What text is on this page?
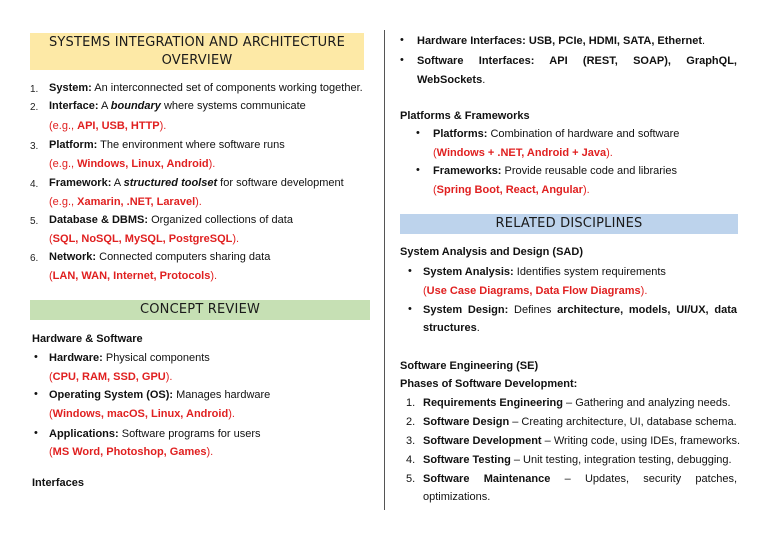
SYSTEMS INTEGRATION AND ARCHITECTURE OVERVIEW
1. System: An interconnected set of components working together.
2. Interface: A boundary where systems communicate
(e.g., API, USB, HTTP).
3. Platform: The environment where software runs
(e.g., Windows, Linux, Android).
4. Framework: A structured toolset for software development
(e.g., Xamarin, .NET, Laravel).
5. Database & DBMS: Organized collections of data
(SQL, NoSQL, MySQL, PostgreSQL).
6. Network: Connected computers sharing data
(LAN, WAN, Internet, Protocols).
CONCEPT REVIEW
Hardware & Software
• Hardware: Physical components
(CPU, RAM, SSD, GPU).
• Operating System (OS): Manages hardware
(Windows, macOS, Linux, Android).
• Applications: Software programs for users
(MS Word, Photoshop, Games).
Interfaces
• Hardware Interfaces: USB, PCIe, HDMI, SATA, Ethernet.
• Software Interfaces: API (REST, SOAP), GraphQL,
WebSockets.
Platforms & Frameworks
• Platforms: Combination of hardware and software
(Windows + .NET, Android + Java).
• Frameworks: Provide reusable code and libraries
(Spring Boot, React, Angular).
RELATED DISCIPLINES
System Analysis and Design (SAD)
• System Analysis: Identifies system requirements
(Use Case Diagrams, Data Flow Diagrams).
• System Design: Defines architecture, models, UI/UX, data
structures.
Software Engineering (SE)
Phases of Software Development:
1. Requirements Engineering – Gathering and analyzing needs.
2. Software Design – Creating architecture, UI, database schema.
3. Software Development – Writing code, using IDEs, frameworks.
4. Software Testing – Unit testing, integration testing, debugging.
5. Software Maintenance – Updates, security patches,
optimizations.
